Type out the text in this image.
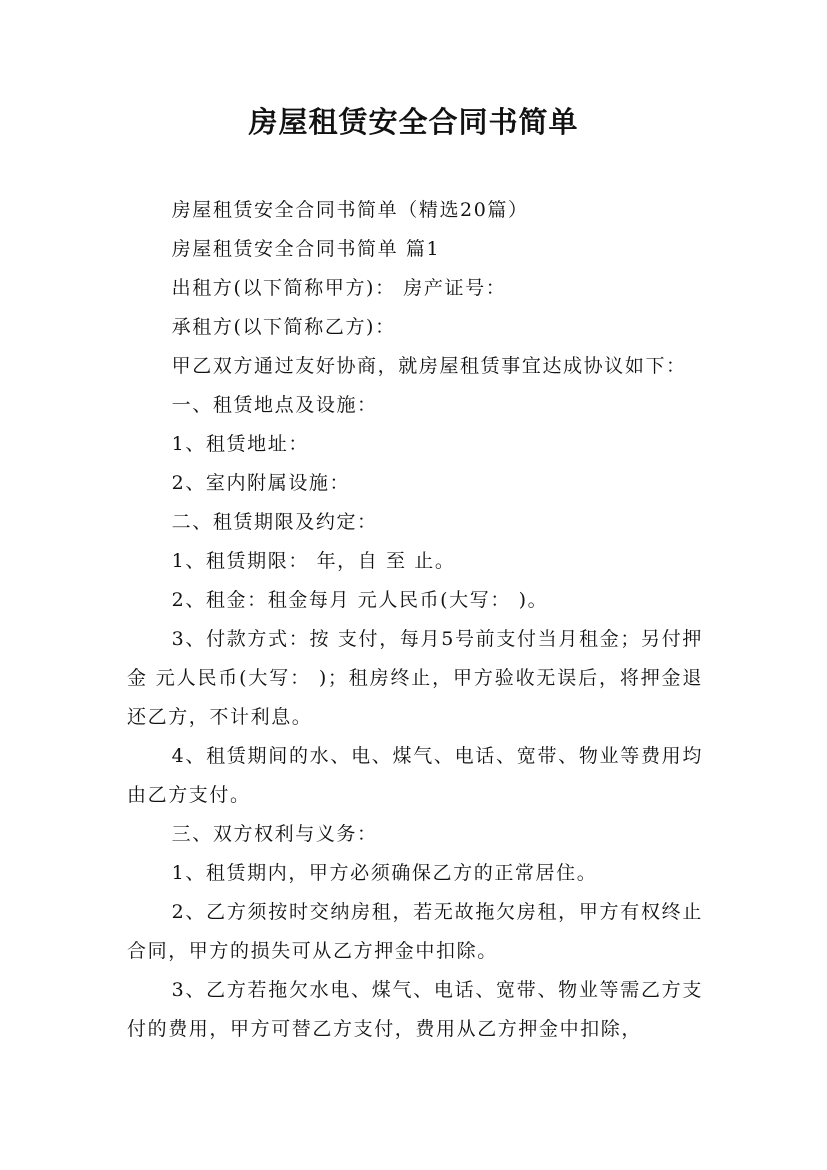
房屋租赁安全合同书简单

房屋租赁安全合同书简单（精选20篇）

房屋租赁安全合同书简单 篇1

出租方(以下简称甲方)： 房产证号：

承租方(以下简称乙方)：

甲乙双方通过友好协商，就房屋租赁事宜达成协议如下：

一、租赁地点及设施：

1、租赁地址：

2、室内附属设施：

二、租赁期限及约定：

1、租赁期限： 年，自 至 止。

2、租金：租金每月 元人民币(大写： )。

3、付款方式：按 支付，每月5号前支付当月租金；另付押金 元人民币(大写： )；租房终止，甲方验收无误后，将押金退还乙方，不计利息。

4、租赁期间的水、电、煤气、电话、宽带、物业等费用均由乙方支付。

三、双方权利与义务：

1、租赁期内，甲方必须确保乙方的正常居住。

2、乙方须按时交纳房租，若无故拖欠房租，甲方有权终止合同，甲方的损失可从乙方押金中扣除。

3、乙方若拖欠水电、煤气、电话、宽带、物业等需乙方支付的费用，甲方可替乙方支付，费用从乙方押金中扣除，
